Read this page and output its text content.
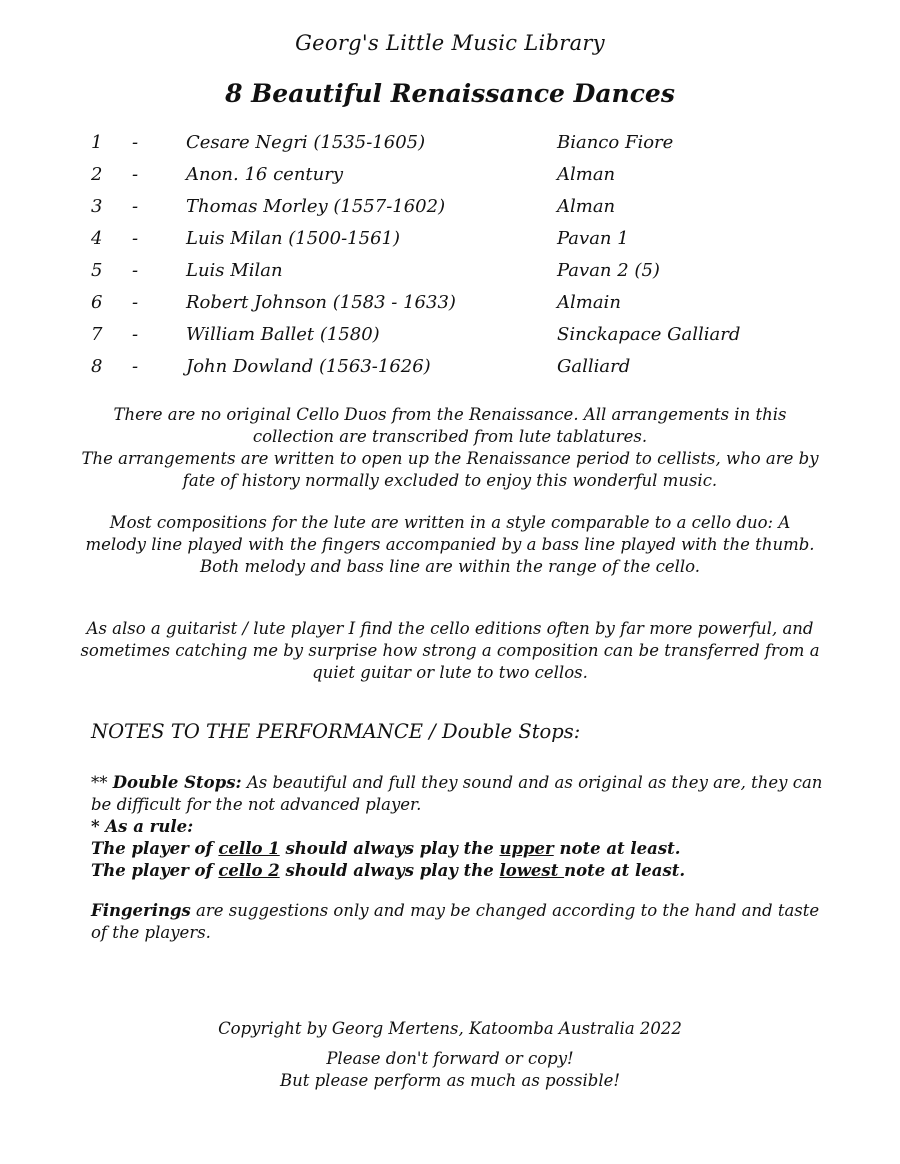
Georg's Little Music Library
8 Beautiful Renaissance Dances
1 -	Cesare Negri (1535-1605)	Bianco Fiore
2 -	Anon. 16 century	Alman
3 -	Thomas Morley (1557-1602)	Alman
4 -	Luis Milan (1500-1561)	Pavan 1
5 -	Luis Milan	Pavan 2 (5)
6 -	Robert Johnson (1583 - 1633)	Almain
7 -	William Ballet (1580)	Sinckapace Galliard
8 -	John Dowland (1563-1626)	Galliard

There are no original Cello Duos from the Renaissance. All arrangements in this collection are transcribed from lute tablatures.

The arrangements are written to open up the Renaissance period to cellists, who are by fate of history normally excluded to enjoy this wonderful music.

Most compositions for the lute are written in a style comparable to a cello duo: A melody line played with the fingers accompanied by a bass line played with the thumb.

Both melody and bass line are within the range of the cello.

As also a guitarist / lute player I find the cello editions often by far more powerful, and sometimes catching me by surprise how strong a composition can be transferred from a quiet guitar or lute to two cellos.

NOTES TO THE PERFORMANCE / Double Stops:

** Double Stops: As beautiful and full they sound and as original as they are, they can be difficult for the not advanced player.

* As a rule:

The player of cello 1 should always play the upper note at least.

The player of cello 2 should always play the lowest note at least.

Fingerings are suggestions only and may be changed according to the hand and taste of the players.

Copyright by Georg Mertens, Katoomba Australia 2022

Please don't forward or copy!

But please perform as much as possible!
